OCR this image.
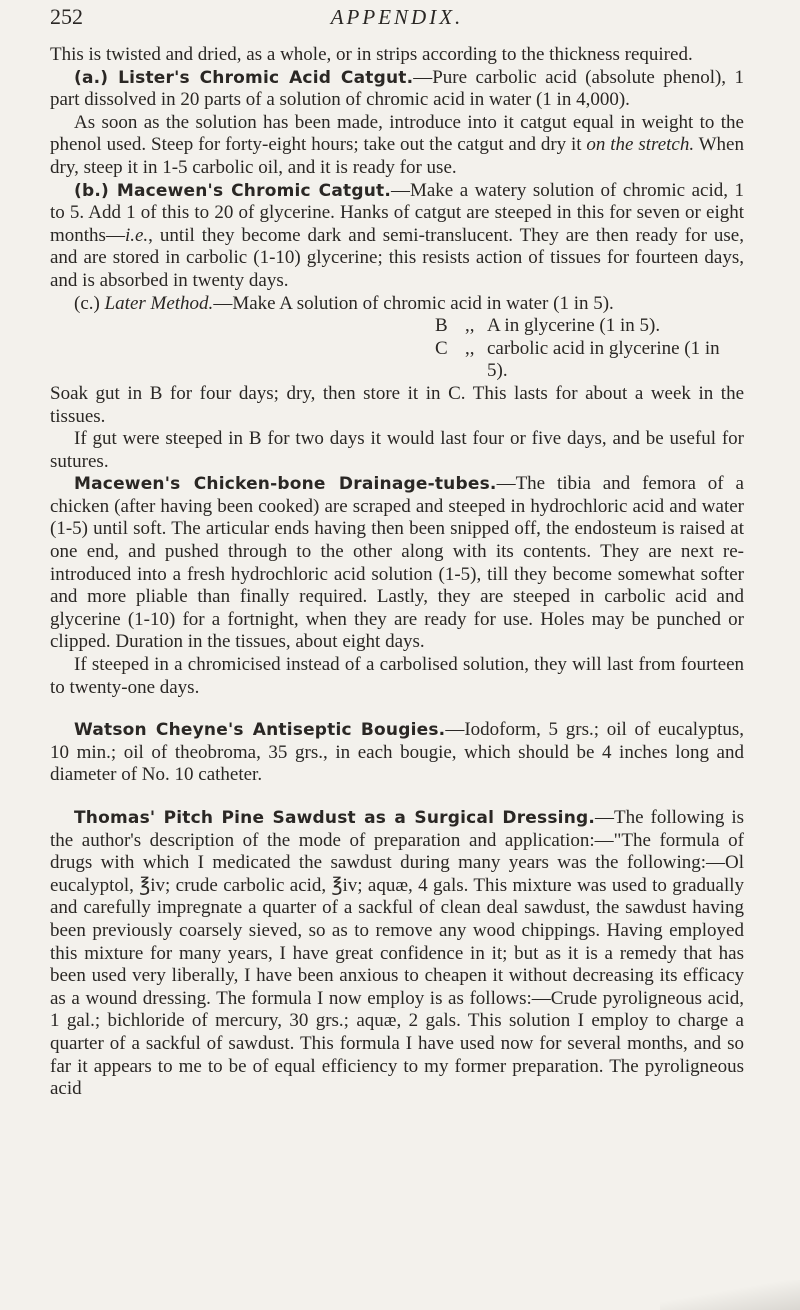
252	APPENDIX.

This is twisted and dried, as a whole, or in strips according to the thickness required.

(a.) Lister's Chromic Acid Catgut.—Pure carbolic acid (absolute phenol), 1 part dissolved in 20 parts of a solution of chromic acid in water (1 in 4,000).

As soon as the solution has been made, introduce into it catgut equal in weight to the phenol used. Steep for forty-eight hours; take out the catgut and dry it on the stretch. When dry, steep it in 1-5 carbolic oil, and it is ready for use.

(b.) Macewen's Chromic Catgut.—Make a watery solution of chromic acid, 1 to 5. Add 1 of this to 20 of glycerine. Hanks of catgut are steeped in this for seven or eight months—i.e., until they become dark and semi-translucent. They are then ready for use, and are stored in carbolic (1-10) glycerine; this resists action of tissues for fourteen days, and is absorbed in twenty days.

(c.) Later Method.—Make A solution of chromic acid in water (1 in 5).

B ,, A in glycerine (1 in 5).
C ,, carbolic acid in glycerine (1 in 5).

Soak gut in B for four days; dry, then store it in C. This lasts for about a week in the tissues.

If gut were steeped in B for two days it would last four or five days, and be useful for sutures.

Macewen's Chicken-bone Drainage-tubes.—The tibia and femora of a chicken (after having been cooked) are scraped and steeped in hydrochloric acid and water (1-5) until soft. The articular ends having then been snipped off, the endosteum is raised at one end, and pushed through to the other along with its contents. They are next re-introduced into a fresh hydrochloric acid solution (1-5), till they become somewhat softer and more pliable than finally required. Lastly, they are steeped in carbolic acid and glycerine (1-10) for a fortnight, when they are ready for use. Holes may be punched or clipped. Duration in the tissues, about eight days.

If steeped in a chromicised instead of a carbolised solution, they will last from fourteen to twenty-one days.

Watson Cheyne's Antiseptic Bougies.—Iodoform, 5 grs.; oil of eucalyptus, 10 min.; oil of theobroma, 35 grs., in each bougie, which should be 4 inches long and diameter of No. 10 catheter.

Thomas' Pitch Pine Sawdust as a Surgical Dressing.—The following is the author's description of the mode of preparation and application:—"The formula of drugs with which I medicated the sawdust during many years was the following:—Ol eucalyptol, ℥iv; crude carbolic acid, ℥iv; aquæ, 4 gals. This mixture was used to gradually and carefully impregnate a quarter of a sackful of clean deal sawdust, the sawdust having been previously coarsely sieved, so as to remove any wood chippings. Having employed this mixture for many years, I have great confidence in it; but as it is a remedy that has been used very liberally, I have been anxious to cheapen it without decreasing its efficacy as a wound dressing. The formula I now employ is as follows:—Crude pyroligneous acid, 1 gal.; bichloride of mercury, 30 grs.; aquæ, 2 gals. This solution I employ to charge a quarter of a sackful of sawdust. This formula I have used now for several months, and so far it appears to me to be of equal efficiency to my former preparation. The pyroligneous acid
